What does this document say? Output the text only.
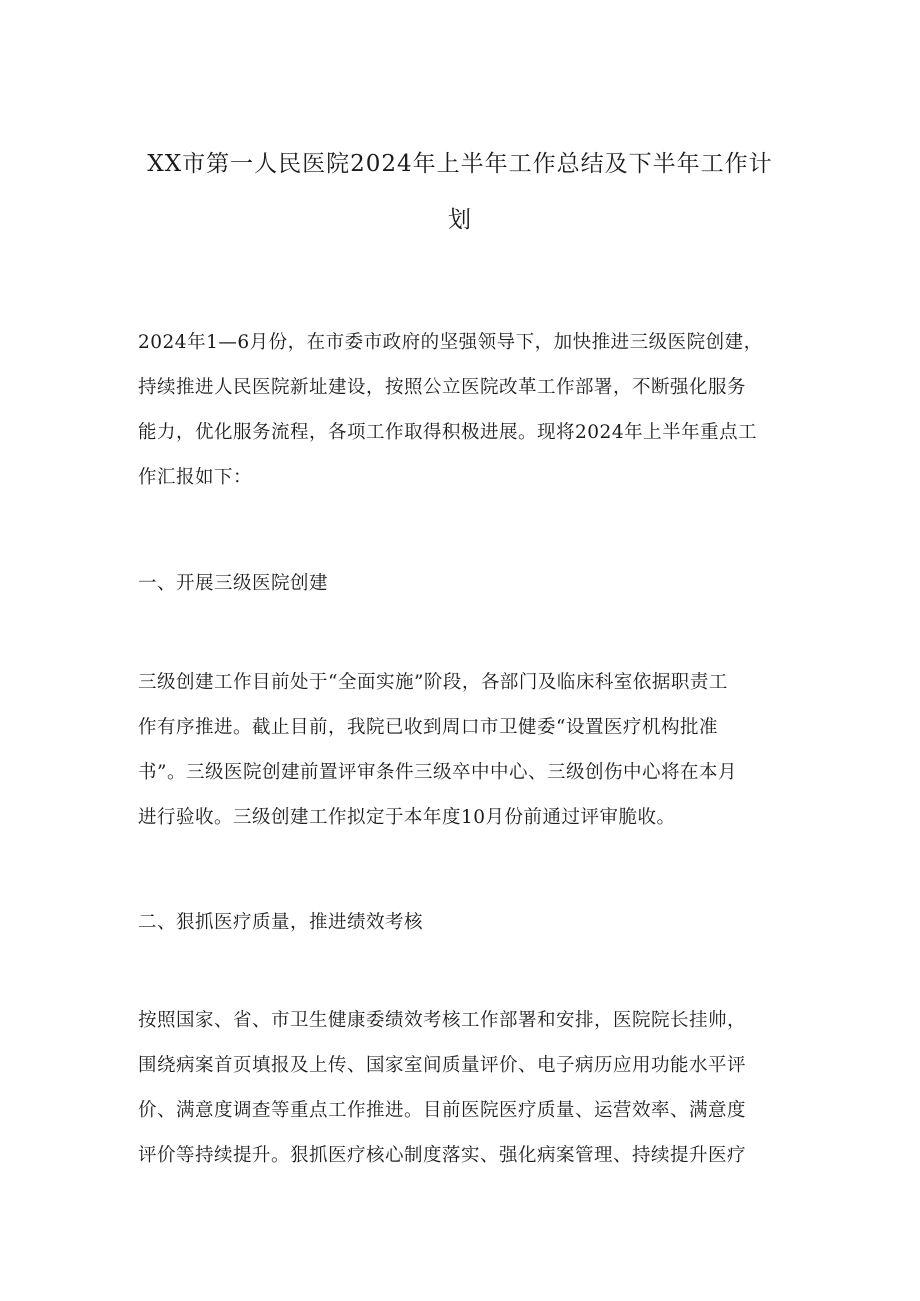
XX市第一人民医院2024年上半年工作总结及下半年工作计
划

2024年1—6月份，在市委市政府的坚强领导下，加快推进三级医院创建，
持续推进人民医院新址建设，按照公立医院改革工作部署，不断强化服务
能力，优化服务流程，各项工作取得积极进展。现将2024年上半年重点工
作汇报如下：

一、开展三级医院创建

三级创建工作目前处于“全面实施”阶段，各部门及临床科室依据职责工
作有序推进。截止目前，我院已收到周口市卫健委“设置医疗机构批准
书”。三级医院创建前置评审条件三级卒中中心、三级创伤中心将在本月
进行验收。三级创建工作拟定于本年度10月份前通过评审脆收。

二、狠抓医疗质量，推进绩效考核

按照国家、省、市卫生健康委绩效考核工作部署和安排，医院院长挂帅，
围绕病案首页填报及上传、国家室间质量评价、电子病历应用功能水平评
价、满意度调查等重点工作推进。目前医院医疗质量、运营效率、满意度
评价等持续提升。狠抓医疗核心制度落实、强化病案管理、持续提升医疗
